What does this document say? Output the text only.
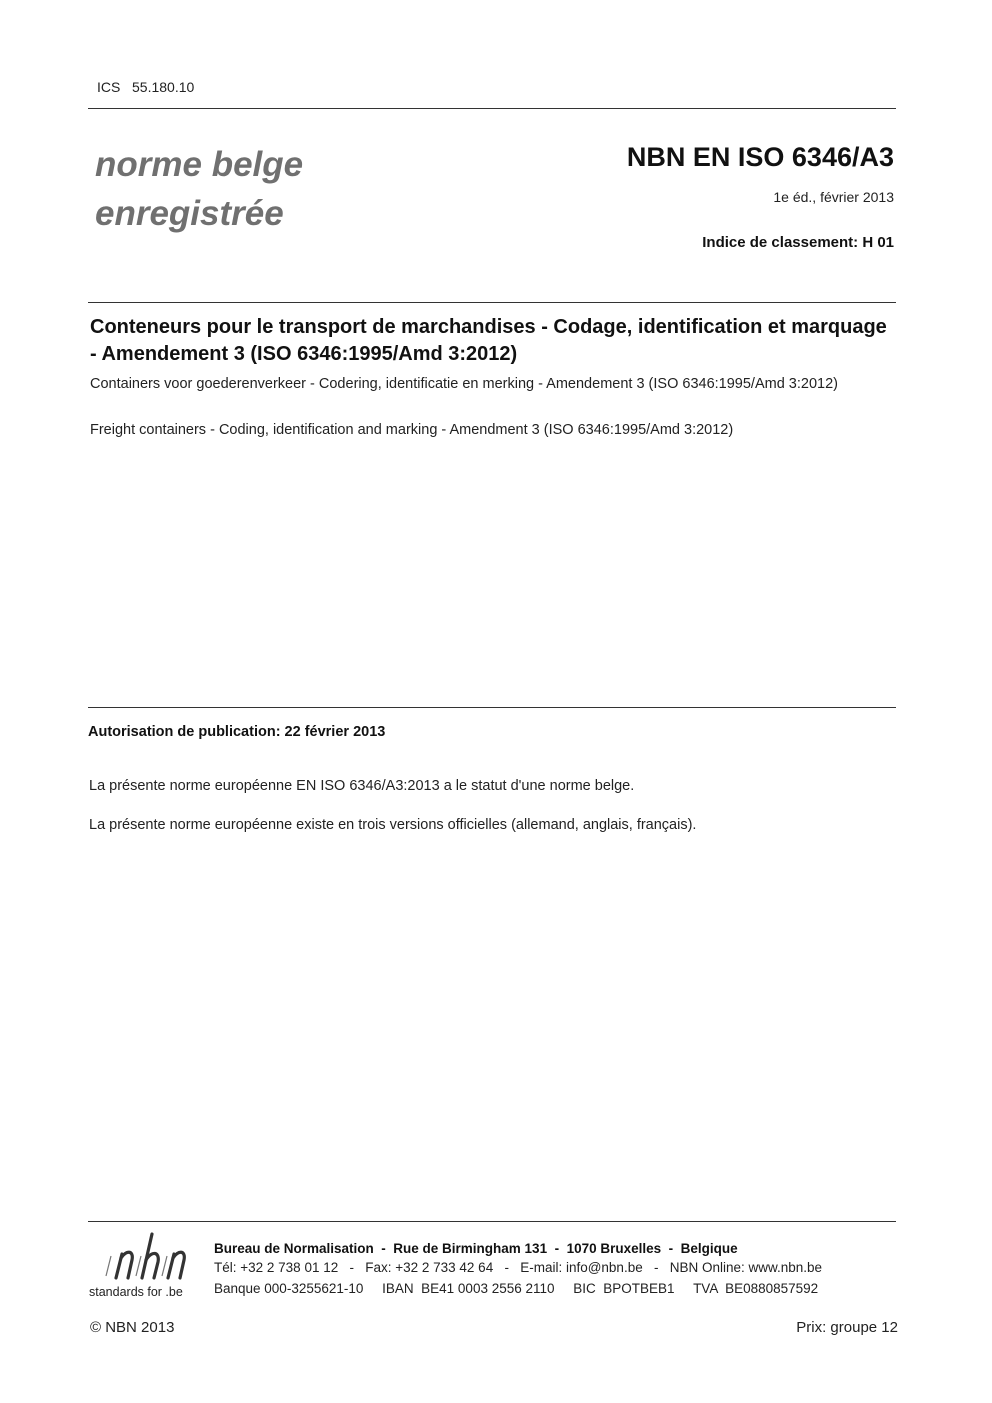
ICS   55.180.10
norme belge
enregistrée
NBN EN ISO 6346/A3
1e éd., février 2013
Indice de classement: H 01
Conteneurs pour le transport de marchandises - Codage, identification et marquage - Amendement 3 (ISO 6346:1995/Amd 3:2012)
Containers voor goederenverkeer - Codering, identificatie en merking - Amendement 3 (ISO 6346:1995/Amd 3:2012)
Freight containers - Coding, identification and marking - Amendment 3 (ISO 6346:1995/Amd 3:2012)
Autorisation de publication: 22 février 2013
La présente norme européenne EN ISO 6346/A3:2013 a le statut d'une norme belge.
La présente norme européenne existe en trois versions officielles (allemand, anglais, français).
standards for .be
Bureau de Normalisation  -  Rue de Birmingham 131  -  1070 Bruxelles  -  Belgique
Tél: +32 2 738 01 12   -   Fax: +32 2 733 42 64   -   E-mail: info@nbn.be   -   NBN Online: www.nbn.be
Banque 000-3255621-10     IBAN  BE41 0003 2556 2110     BIC  BPOTBEB1     TVA  BE0880857592
© NBN 2013	Prix: groupe 12
